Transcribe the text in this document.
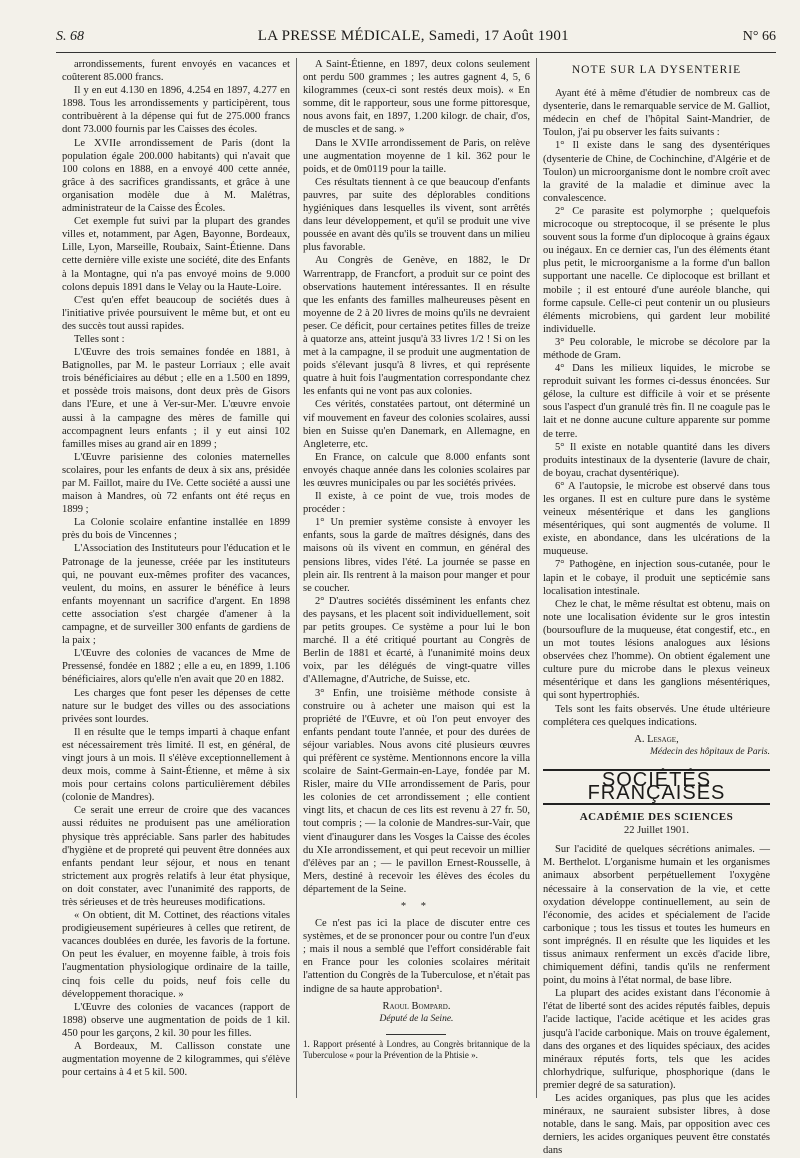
S. 68	LA PRESSE MÉDICALE, Samedi, 17 Août 1901	N° 66

arrondissements, furent envoyés en vacances et coûterent 85.000 francs.

Il y en eut 4.130 en 1896, 4.254 en 1897, 4.277 en 1898. Tous les arrondissements y participèrent, tous contribuèrent à la dépense qui fut de 275.000 francs dont 73.000 fournis par les Caisses des écoles.

Le XVIIe arrondissement de Paris (dont la population égale 200.000 habitants) qui n'avait que 100 colons en 1888, en a envoyé 400 cette année, grâce à des sacrifices grandissants, et grâce à une organisation modèle due à M. Malétras, administrateur de la Caisse des Écoles.

Cet exemple fut suivi par la plupart des grandes villes et, notamment, par Agen, Bayonne, Bordeaux, Lille, Lyon, Marseille, Roubaix, Saint-Étienne. Dans cette dernière ville existe une société, dite des Enfants à la Montagne, qui n'a pas envoyé moins de 9.000 colons depuis 1891 dans le Velay ou la Haute-Loire.

C'est qu'en effet beaucoup de sociétés dues à l'initiative privée poursuivent le même but, et ont eu des succès tout aussi rapides.

Telles sont :

L'Œuvre des trois semaines fondée en 1881, à Batignolles, par M. le pasteur Lorriaux ; elle avait trois bénéficiaires au début ; elle en a 1.500 en 1899, et possède trois maisons, dont deux près de Gisors dans l'Eure, et une à Ver-sur-Mer. L'œuvre envoie aussi à la campagne des mères de famille qui accompagnent leurs enfants ; il y eut ainsi 102 familles mises au grand air en 1899 ;

L'Œuvre parisienne des colonies maternelles scolaires, pour les enfants de deux à six ans, présidée par M. Faillot, maire du IVe. Cette société a aussi une maison à Mandres, où 72 enfants ont été reçus en 1899 ;

La Colonie scolaire enfantine installée en 1899 près du bois de Vincennes ;

L'Association des Instituteurs pour l'éducation et le Patronage de la jeunesse, créée par les instituteurs qui, ne pouvant eux-mêmes profiter des vacances, veulent, du moins, en assurer le bénéfice à leurs enfants moyennant un sacrifice d'argent. En 1898 cette association s'est chargée d'amener à la campagne, et de surveiller 300 enfants de gardiens de la paix ;

L'Œuvre des colonies de vacances de Mme de Pressensé, fondée en 1882 ; elle a eu, en 1899, 1.106 bénéficiaires, alors qu'elle n'en avait que 20 en 1882.

Les charges que font peser les dépenses de cette nature sur le budget des villes ou des associations privées sont lourdes.

Il en résulte que le temps imparti à chaque enfant est nécessairement très limité. Il est, en général, de vingt jours à un mois. Il s'élève exceptionnellement à deux mois, comme à Saint-Étienne, et même à six mois pour certains colons particulièrement débiles (colonie de Mandres).

Ce serait une erreur de croire que des vacances aussi réduites ne produisent pas une amélioration physique très appréciable. Sans parler des habitudes d'hygiène et de propreté qui peuvent être données aux enfants pendant leur séjour, et nous en tenant strictement aux progrès relatifs à leur état physique, on doit constater, avec l'unanimité des rapports, de très sérieuses et de très heureuses modifications.

« On obtient, dit M. Cottinet, des réactions vitales prodigieusement supérieures à celles que retirent, de vacances doublées en durée, les favoris de la fortune. On peut les évaluer, en moyenne faible, à trois fois l'augmentation physiologique ordinaire de la taille, cinq fois celle du poids, neuf fois celle du développement thoracique. »

L'Œuvre des colonies de vacances (rapport de 1898) observe une augmentation de poids de 1 kil. 450 pour les garçons, 2 kil. 30 pour les filles.

A Bordeaux, M. Callisson constate une augmentation moyenne de 2 kilogrammes, qui s'élève pour certains à 4 et 5 kil. 500.

A Saint-Étienne, en 1897, deux colons seulement ont perdu 500 grammes ; les autres gagnent 4, 5, 6 kilogrammes (ceux-ci sont restés deux mois). « En somme, dit le rapporteur, sous une forme pittoresque, nous avons fait, en 1897, 1.200 kilogr. de chair, d'os, de muscles et de sang. »

Dans le XVIIe arrondissement de Paris, on relève une augmentation moyenne de 1 kil. 362 pour le poids, et de 0m0119 pour la taille.

Ces résultats tiennent à ce que beaucoup d'enfants pauvres, par suite des déplorables conditions hygiéniques dans lesquelles ils vivent, sont arrêtés dans leur développement, et qu'il se produit une vive poussée en avant dès qu'ils se trouvent dans un milieu plus favorable.

Au Congrès de Genève, en 1882, le Dr Warrentrapp, de Francfort, a produit sur ce point des observations hautement intéressantes. Il en résulte que les enfants des familles malheureuses pèsent en moyenne de 2 à 20 livres de moins qu'ils ne devraient peser. Ce déficit, pour certaines petites filles de treize à quatorze ans, atteint jusqu'à 33 livres 1/2 ! Si on les met à la campagne, il se produit une augmentation de poids s'élevant jusqu'à 8 livres, et qui représente quatre à huit fois l'augmentation correspondante chez les enfants qui ne vont pas aux colonies.

Ces vérités, constatées partout, ont déterminé un vif mouvement en faveur des colonies scolaires, aussi bien en Suisse qu'en Danemark, en Allemagne, en Angleterre, etc.

En France, on calcule que 8.000 enfants sont envoyés chaque année dans les colonies scolaires par les œuvres municipales ou par les sociétés privées.

Il existe, à ce point de vue, trois modes de procéder :

1° Un premier système consiste à envoyer les enfants, sous la garde de maîtres désignés, dans des maisons où ils vivent en commun, en général des pensions libres, vides l'été. La journée se passe en plein air. Ils rentrent à la maison pour manger et pour se coucher.

2° D'autres sociétés disséminent les enfants chez des paysans, et les placent soit individuellement, soit par petits groupes. Ce système a pour lui le bon marché. Il a été critiqué pourtant au Congrès de Berlin de 1881 et écarté, à l'unanimité moins deux voix, par les délégués de vingt-quatre villes d'Allemagne, d'Autriche, de Suisse, etc.

3° Enfin, une troisième méthode consiste à construire ou à acheter une maison qui est la propriété de l'Œuvre, et où l'on peut envoyer des enfants pendant toute l'année, et pour des durées de séjour variables. Nous avons cité plusieurs œuvres qui préfèrent ce système. Mentionnons encore la villa scolaire de Saint-Germain-en-Laye, fondée par M. Risler, maire du VIIe arrondissement de Paris, pour les colonies de cet arrondissement ; elle contient vingt lits, et chacun de ces lits est revenu à 27 fr. 50, tout compris ; — la colonie de Mandres-sur-Vair, que vient d'inaugurer dans les Vosges la Caisse des écoles du XIe arrondissement, et qui peut recevoir un millier d'élèves par an ; — le pavillon Ernest-Rousselle, à Mers, destiné à recevoir les élèves des écoles du département de la Seine.

* *

Ce n'est pas ici la place de discuter entre ces systèmes, et de se prononcer pour ou contre l'un d'eux ; mais il nous a semblé que l'effort considérable fait en France pour les colonies scolaires méritait l'attention du Congrès de la Tuberculose, et n'était pas indigne de sa haute approbation¹.

Raoul Bompard.
Député de la Seine.

1. Rapport présenté à Londres, au Congrès britannique de la Tuberculose « pour la Prévention de la Phtisie ».

NOTE SUR LA DYSENTERIE

Ayant été à même d'étudier de nombreux cas de dysenterie, dans le remarquable service de M. Galliot, médecin en chef de l'hôpital Saint-Mandrier, de Toulon, j'ai pu observer les faits suivants :

1° Il existe dans le sang des dysentériques (dysenterie de Chine, de Cochinchine, d'Algérie et de Toulon) un microorganisme dont le nombre croît avec la gravité de la maladie et diminue avec la convalescence.

2° Ce parasite est polymorphe ; quelquefois microcoque ou streptocoque, il se présente le plus souvent sous la forme d'un diplocoque à grains égaux ou inégaux. En ce dernier cas, l'un des éléments étant plus petit, le microorganisme a la forme d'un ballon supportant une nacelle. Ce diplocoque est brillant et mobile ; il est entouré d'une auréole blanche, qui forme capsule. Celle-ci peut contenir un ou plusieurs éléments microbiens, qui gardent leur mobilité individuelle.

3° Peu colorable, le microbe se décolore par la méthode de Gram.

4° Dans les milieux liquides, le microbe se reproduit suivant les formes ci-dessus énoncées. Sur gélose, la culture est difficile à voir et se présente sous l'aspect d'un granulé très fin. Il ne coagule pas le lait et ne donne aucune culture apparente sur pomme de terre.

5° Il existe en notable quantité dans les divers produits intestinaux de la dysenterie (lavure de chair, de boyau, crachat dysentérique).

6° A l'autopsie, le microbe est observé dans tous les organes. Il est en culture pure dans le système veineux mésentérique et dans les ganglions mésentériques, qui sont augmentés de volume. Il existe, en abondance, dans les ulcérations de la muqueuse.

7° Pathogène, en injection sous-cutanée, pour le lapin et le cobaye, il produit une septicémie sans localisation intestinale.

Chez le chat, le même résultat est obtenu, mais on note une localisation évidente sur le gros intestin (boursouflure de la muqueuse, état congestif, etc., en un mot toutes lésions analogues aux lésions observées chez l'homme). On obtient également une culture pure du microbe dans le plexus veineux mésentérique et dans les ganglions mésentériques, qui sont hypertrophiés.

Tels sont les faits observés. Une étude ultérieure complétera ces quelques indications.

A. Lesage,
Médecin des hôpitaux de Paris.
SOCIÉTÉS FRANÇAISES
ACADÉMIE DES SCIENCES
22 Juillet 1901.

Sur l'acidité de quelques sécrétions animales. — M. Berthelot. L'organisme humain et les organismes animaux absorbent perpétuellement l'oxygène nécessaire à la conservation de la vie, et cette oxydation développe continuellement, au sein de l'économie, des acides et spécialement de l'acide carbonique ; tous les tissus et toutes les humeurs en sont imprégnés. Il en résulte que les liquides et les tissus animaux renferment un excès d'acide libre, chimiquement défini, tandis qu'ils ne renferment point, du moins à l'état normal, de base libre.

La plupart des acides existant dans l'économie à l'état de liberté sont des acides réputés faibles, depuis l'acide lactique, l'acide acétique et les acides gras jusqu'à l'acide carbonique. Mais on trouve également, dans des organes et des liquides spéciaux, des acides minéraux réputés forts, tels que les acides chlorhydrique, sulfurique, phosphorique (dans le premier degré de sa saturation).

Les acides organiques, pas plus que les acides minéraux, ne sauraient subsister libres, à dose notable, dans le sang. Mais, par opposition avec ces derniers, les acides organiques peuvent être constatés dans
